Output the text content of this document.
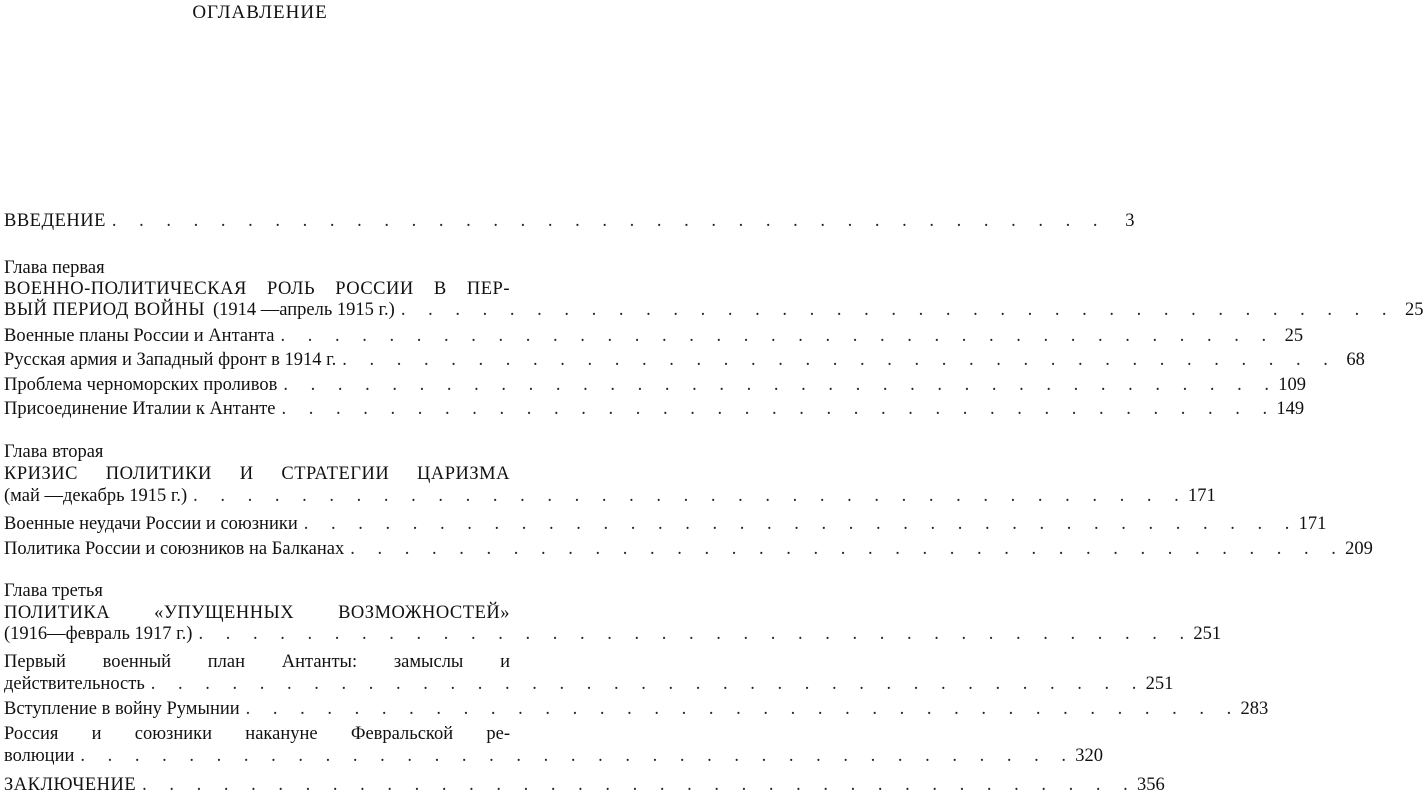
ОГЛАВЛЕНИЕ
ВВЕДЕНИЕ . . . . . . . . . . . . . . . . . . . . . . . . . . . . . . . . . . . . .	3
Глава первая
ВОЕННО-ПОЛИТИЧЕСКАЯ РОЛЬ РОССИИ В ПЕР-
ВЫЙ ПЕРИОД ВОЙНЫ (1914 —апрель 1915 г.) . . . . . . . . . . . . . . . . . . . . . . . . . . . . . . . . . . . . . 25
Военные планы России и Антанта . . . . . . . . . . . . . . . . . . . . . . . . . . . . . . . . . . . . . 25
Русская армия и Западный фронт в 1914 г. . . . . . . . . . . . . . . . . . . . . . . . . . . . . . . . . . . . . . 68
Проблема черноморских проливов . . . . . . . . . . . . . . . . . . . . . . . . . . . . . . . . . . . . . 109
Присоединение Италии к Антанте . . . . . . . . . . . . . . . . . . . . . . . . . . . . . . . . . . . . . 149
Глава вторая
КРИЗИС ПОЛИТИКИ И СТРАТЕГИИ ЦАРИЗМА
(май —декабрь 1915 г.) . . . . . . . . . . . . . . . . . . . . . . . . . . . . . . . . . . . . . 171
Военные неудачи России и союзники . . . . . . . . . . . . . . . . . . . . . . . . . . . . . . . . . . . . . 171
Политика России и союзников на Балканах . . . . . . . . . . . . . . . . . . . . . . . . . . . . . . . . . . . . . 209
Глава третья
ПОЛИТИКА «УПУЩЕННЫХ ВОЗМОЖНОСТЕЙ»
(1916—февраль 1917 г.) . . . . . . . . . . . . . . . . . . . . . . . . . . . . . . . . . . . . . 251
Первый военный план Антанты: замыслы и
действительность . . . . . . . . . . . . . . . . . . . . . . . . . . . . . . . . . . . . . 251
Вступление в войну Румынии . . . . . . . . . . . . . . . . . . . . . . . . . . . . . . . . . . . . . 283
Россия и союзники накануне Февральской ре-
волюции . . . . . . . . . . . . . . . . . . . . . . . . . . . . . . . . . . . . . 320
ЗАКЛЮЧЕНИЕ . . . . . . . . . . . . . . . . . . . . . . . . . . . . . . . . . . . . . 356
